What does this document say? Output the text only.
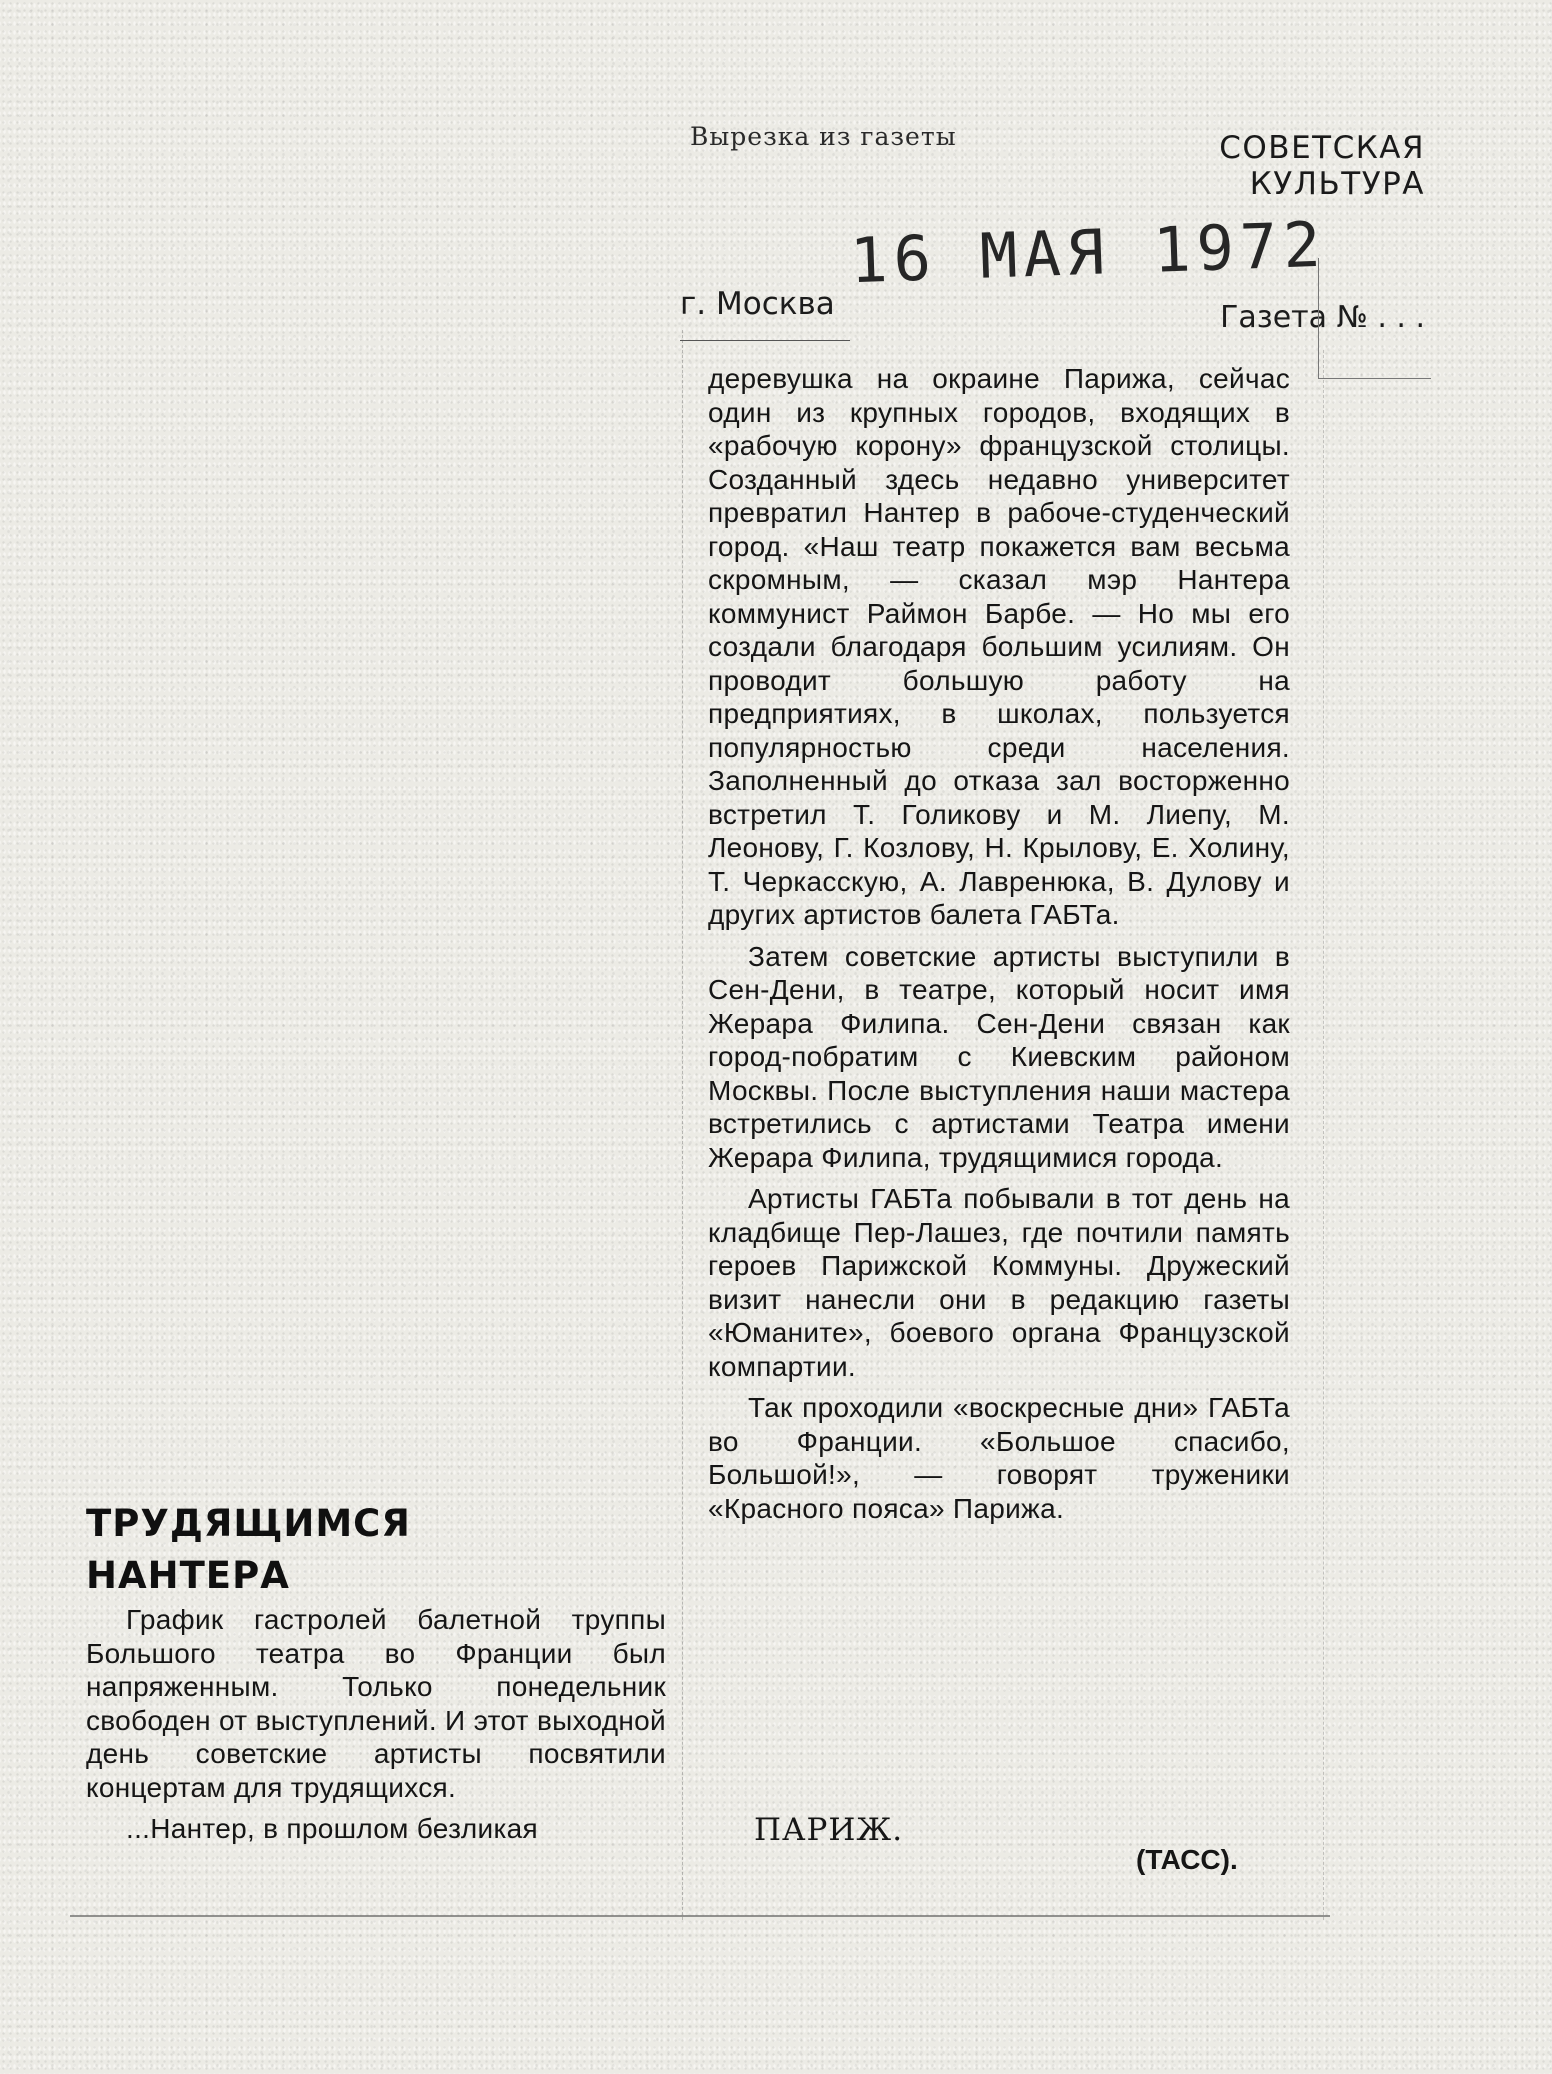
Вырезка из газеты	СОВЕТСКАЯ
КУЛЬТУРА
16 МАЯ 1972
г. Москва	Газета № . . .

деревушка на окраине Парижа, сейчас один из крупных городов, входящих в «рабочую корону» французской столицы. Созданный здесь недавно университет превратил Нантер в рабоче-студенческий город. «Наш театр покажется вам весьма скромным, — сказал мэр Нантера коммунист Раймон Барбе. — Но мы его создали благодаря большим усилиям. Он проводит большую работу на предприятиях, в школах, пользуется популярностью среди населения. Заполненный до отказа зал восторженно встретил Т. Голикову и М. Лиепу, М. Леонову, Г. Козлову, Н. Крылову, Е. Холину, Т. Черкасскую, А. Лавренюка, В. Дулову и других артистов балета ГАБТа.

Затем советские артисты выступили в Сен-Дени, в театре, который носит имя Жерара Филипа. Сен-Дени связан как город-побратим с Киевским районом Москвы. После выступления наши мастера встретились с артистами Театра имени Жерара Филипа, трудящимися города.

Артисты ГАБТа побывали в тот день на кладбище Пер-Лашез, где почтили память героев Парижской Коммуны. Дружеский визит нанесли они в редакцию газеты «Юманите», боевого органа Французской компартии.

Так проходили «воскресные дни» ГАБТа во Франции. «Большое спасибо, Большой!», — говорят труженики «Красного пояса» Парижа.

ТРУДЯЩИМСЯ
НАНТЕРА

График гастролей балетной труппы Большого театра во Франции был напряженным. Только понедельник свободен от выступлений. И этот выходной день советские артисты посвятили концертам для трудящихся.

...Нантер, в прошлом безликая	ПАРИЖ.
(ТАСС).
